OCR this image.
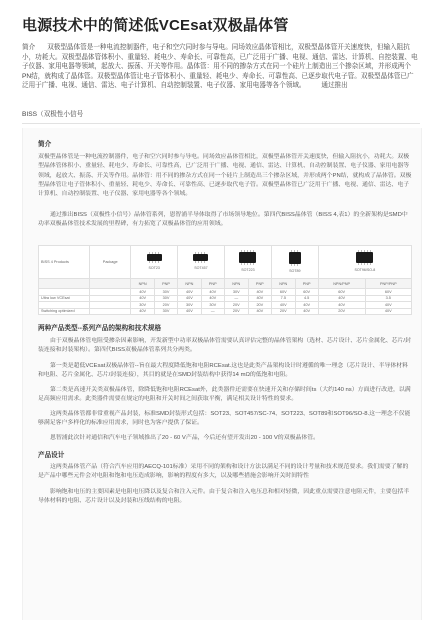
电源技术中的简述低VCEsat双极晶体管
简介 双极型晶体管是一种电流控制器件，电子和空穴同时参与导电。同场效应晶体管相比，双极型晶体管开关速度快，但输入阻抗小，功耗大。双极型晶体管体积小、重量轻、耗电少、寿命长、可靠性高，已广泛用于广播、电视、通信、雷达、计算机、自控装置、电子仪器、家用电器等领域，起放大、振荡、开关等作用。晶体管：用不同的掺杂方式在同一个硅片上制造出三个掺杂区域，并形成两个PN结，就构成了晶体管。双极型晶体管让电子管体积小、重量轻、耗电少、寿命长、可靠性高、已逐步取代电子管。双极型晶体管已广泛用于广播、电视、通信、雷达、电子计算机、自动控制装置、电子仪器、家用电器等各个领域。 通过推出
BISS（双极性小信号
简介

双极型晶体管是一种电流控制器件，电子和空穴同时参与导电。同场效应晶体管相比，双极型晶体管开关速度快，但输入阻抗小，功耗大。双极型晶体管体积小、重量轻、耗电少、寿命长、可靠性高，已广泛用于广播、电视、通信、雷达、计算机、自动控制装置、电子仪器、家用电器等领域，起放大、振荡、开关等作用。晶体管：用不同的掺杂方式在同一个硅片上制造出三个掺杂区域，并形成两个PN结，就构成了晶体管。双极型晶体管让电子管体积小、重量轻、耗电少、寿命长、可靠性高、已逐步取代电子管。双极型晶体管已广泛用于广播、电视、通信、雷达、电子计算机、自动控制装置、电子仪器、家用电器等各个领域。

通过推出BISS（双极性小信号）晶体管系列，恩智浦半导体取得了市场领导地位。第四代BISS晶体管（BISS 4,表1）的全新架构是SMD中功率双极晶体管技术发展的里程碑，有力拓宽了双极晶体管的应用领域。

BISS 4 Products	Package	SOT23		SOT457		SOT223		SOT89		SOT96/SO-8	

		NPN	PNP	NPN	PNP	NPN	PNP	NPN	PNP	NPN/PNP	PNP/PNP
		40V	30V	40V	40V	30V	40V	60V	60V	60V	60V
Ultra low VCEsat		40V	30V	40V	40V	—	40V	7.5	4.5	40V	3.5
		30V	20V	30V	30V	20V	20V	40V	40V	40V	40V
Switching optimized		40V	30V	40V	—	20V	40V	20V	40V	20V	40V
两种产品类型--系列产品的架构和技术规格

由于双极晶体管电阻受掺杂因素影响，开发新型中功率双极晶体管需要认真评估完整的晶体管架构（选材、芯片设计、芯片金属化、芯片/封装连接和封装架构）。第四代BISS双极晶体管系列共分两类。

第一类是超低VCEsat双极晶体管--旨在最大程度降低饱和电阻RCEsat.这也是此类产品架构设计时遵循的唯一理念（芯片设计、半导体材料和电阻、芯片金属化、芯片/封装连接），其目的就是在SMD封装结构中获得14 mΩ的低饱和电阻。

第二类是高速开关类双极晶体管，除降低饱和电阻RCEsat外，此类器件还需要在快速开关和存储时间ts（大约140 ns）方面进行改进，以满足高频应用需求。此类器件需要在规定的电阻和开关时间之间获取平衡，满足相关设计特性的要求。

这两类晶体管都非常重视产品封装，标准SMD封装形式包括：SOT23、SOT457/SC-74、SOT223、SOT89和SOT96/SO-8.这一理念不仅能够满足客户多样化的标准应用需求，同时也为客户提供了保证。

恩智浦此次针对通信和汽车电子领域推出了20 - 60 V产品，今后还有望开发出20 - 100 V的双极晶体管。

产品设计

这两类晶体管产品（符合汽车应用的AECQ-101标准）采用不同的架构和设计方法以满足不同的设计考量和技术规范要求。我们需要了解的是产品中哪些元件会对电阻和饱和电压造成影响，影响的程度有多大，以及哪些措施会影响开关时间特性

影响饱和电压的主要因素是电阻电压降以及复合和注入元件。由于复合和注入电压总和相对轻微，因此重点需要注意电阻元件，主要包括半导体材料的电阻、芯片设计以及封装和压线结构的电阻。
